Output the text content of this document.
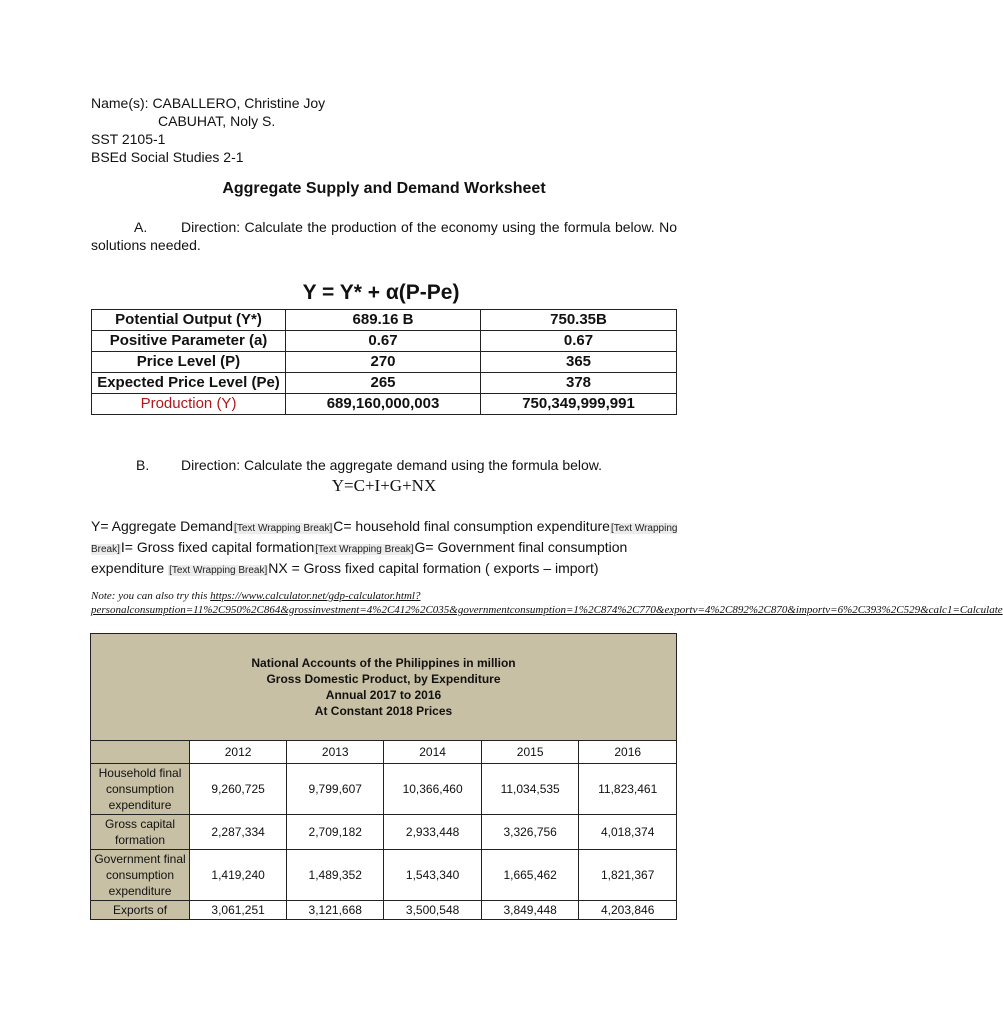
Name(s): CABALLERO, Christine Joy
CABUHAT, Noly S.
SST 2105-1
BSEd Social Studies 2-1
Aggregate Supply and Demand Worksheet
A. Direction: Calculate the production of the economy using the formula below. No solutions needed.
Y = Y* + α(P-Pe)
Potential Output (Y*)	689.16 B	750.35B
Positive Parameter (a)	0.67	0.67
Price Level (P)	270	365
Expected Price Level (Pe)	265	378
Production (Y)	689,160,000,003	750,349,999,991
B. Direction: Calculate the aggregate demand using the formula below.
Y=C+I+G+NX
Y= Aggregate Demand[Text Wrapping Break]C= household final consumption expenditure[Text Wrapping Break]I= Gross fixed capital formation[Text Wrapping Break]G= Government final consumption expenditure [Text Wrapping Break]NX = Gross fixed capital formation ( exports – import)
Note: you can also try this https://www.calculator.net/gdp-calculator.html?personalconsumption=11%2C950%2C864&grossinvestment=4%2C412%2C035&governmentconsumption=1%2C874%2C770&exportv=4%2C892%2C870&importv=6%2C393%2C529&calc1=Calculate
National Accounts of the Philippines in million
Gross Domestic Product, by Expenditure
Annual 2017 to 2016
At Constant 2018 Prices					

	2012	2013	2014	2015	2016
Household final consumption expenditure	9,260,725	9,799,607	10,366,460	11,034,535	11,823,461
Gross capital formation	2,287,334	2,709,182	2,933,448	3,326,756	4,018,374
Government final consumption expenditure	1,419,240	1,489,352	1,543,340	1,665,462	1,821,367
Exports of	3,061,251	3,121,668	3,500,548	3,849,448	4,203,846
